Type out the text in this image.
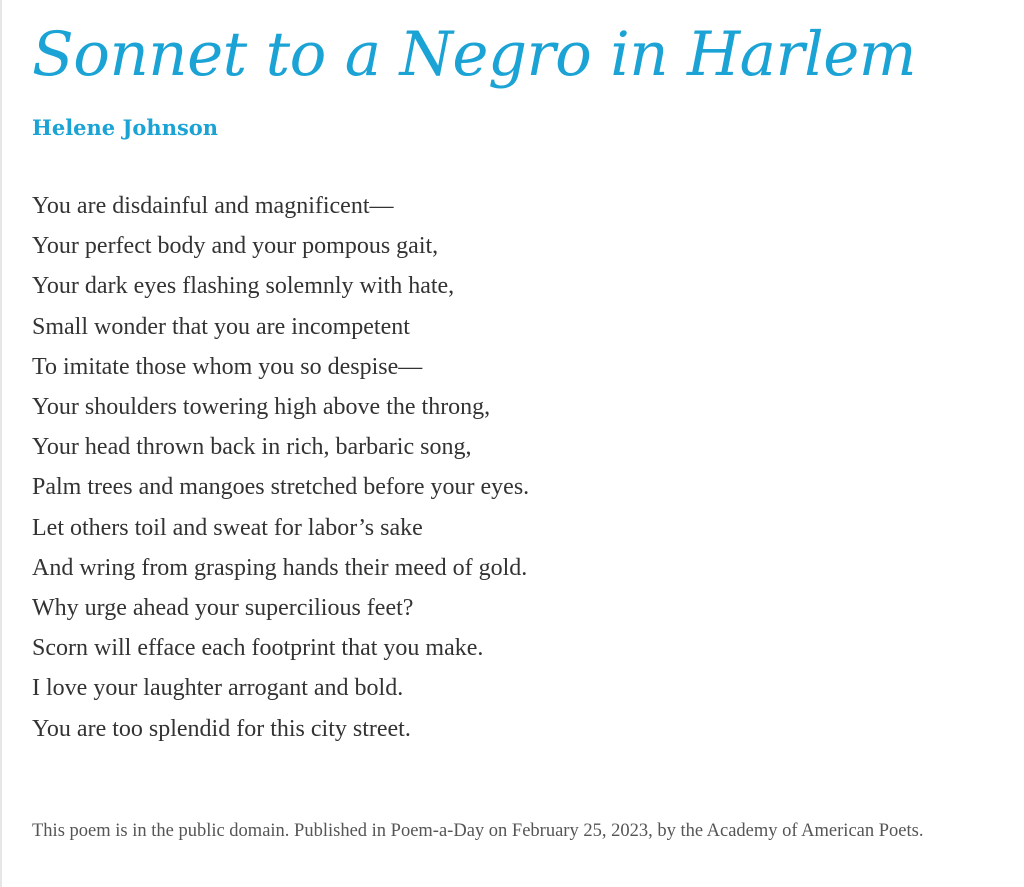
Sonnet to a Negro in Harlem
Helene Johnson
You are disdainful and magnificent—
Your perfect body and your pompous gait,
Your dark eyes flashing solemnly with hate,
Small wonder that you are incompetent
To imitate those whom you so despise—
Your shoulders towering high above the throng,
Your head thrown back in rich, barbaric song,
Palm trees and mangoes stretched before your eyes.
Let others toil and sweat for labor’s sake
And wring from grasping hands their meed of gold.
Why urge ahead your supercilious feet?
Scorn will efface each footprint that you make.
I love your laughter arrogant and bold.
You are too splendid for this city street.
This poem is in the public domain. Published in Poem-a-Day on February 25, 2023, by the Academy of American Poets.
